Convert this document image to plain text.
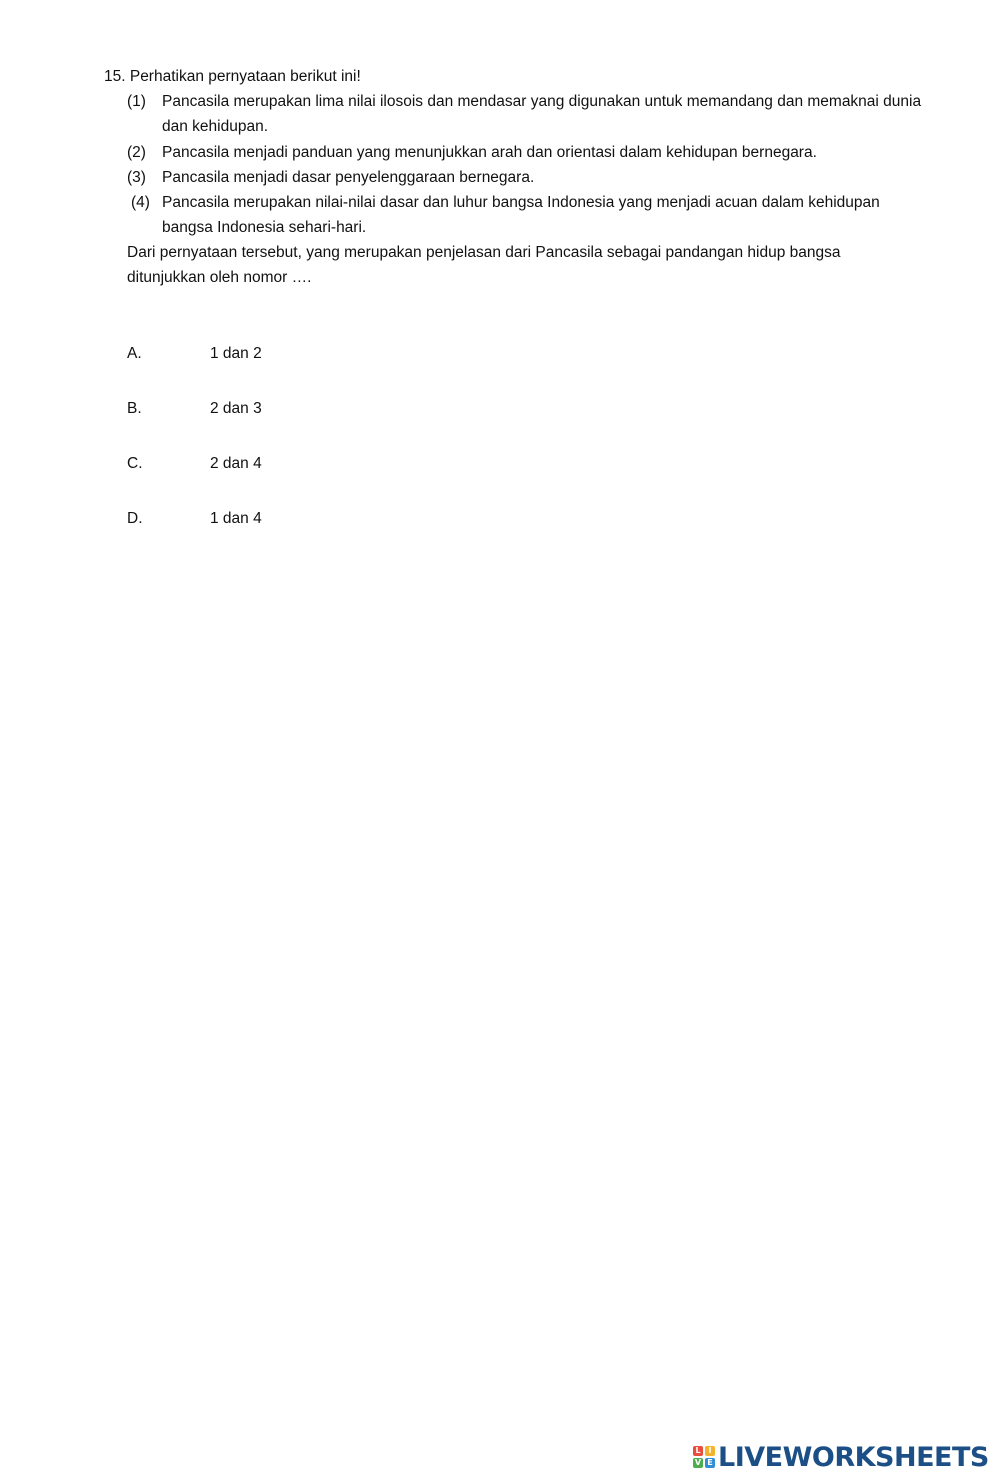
15. Perhatikan pernyataan berikut ini!
(1) Pancasila merupakan lima nilai ilosois dan mendasar yang digunakan untuk memandang dan memaknai dunia dan kehidupan.
(2) Pancasila menjadi panduan yang menunjukkan arah dan orientasi dalam kehidupan bernegara.
(3) Pancasila menjadi dasar penyelenggaraan bernegara.
(4) Pancasila merupakan nilai-nilai dasar dan luhur bangsa Indonesia yang menjadi acuan dalam kehidupan bangsa Indonesia sehari-hari.
Dari pernyataan tersebut, yang merupakan penjelasan dari Pancasila sebagai pandangan hidup bangsa ditunjukkan oleh nomor ….
A.	1 dan 2
B.	2 dan 3
C.	2 dan 4
D.	1 dan 4
L I
V E LIVEWORKSHEETS
